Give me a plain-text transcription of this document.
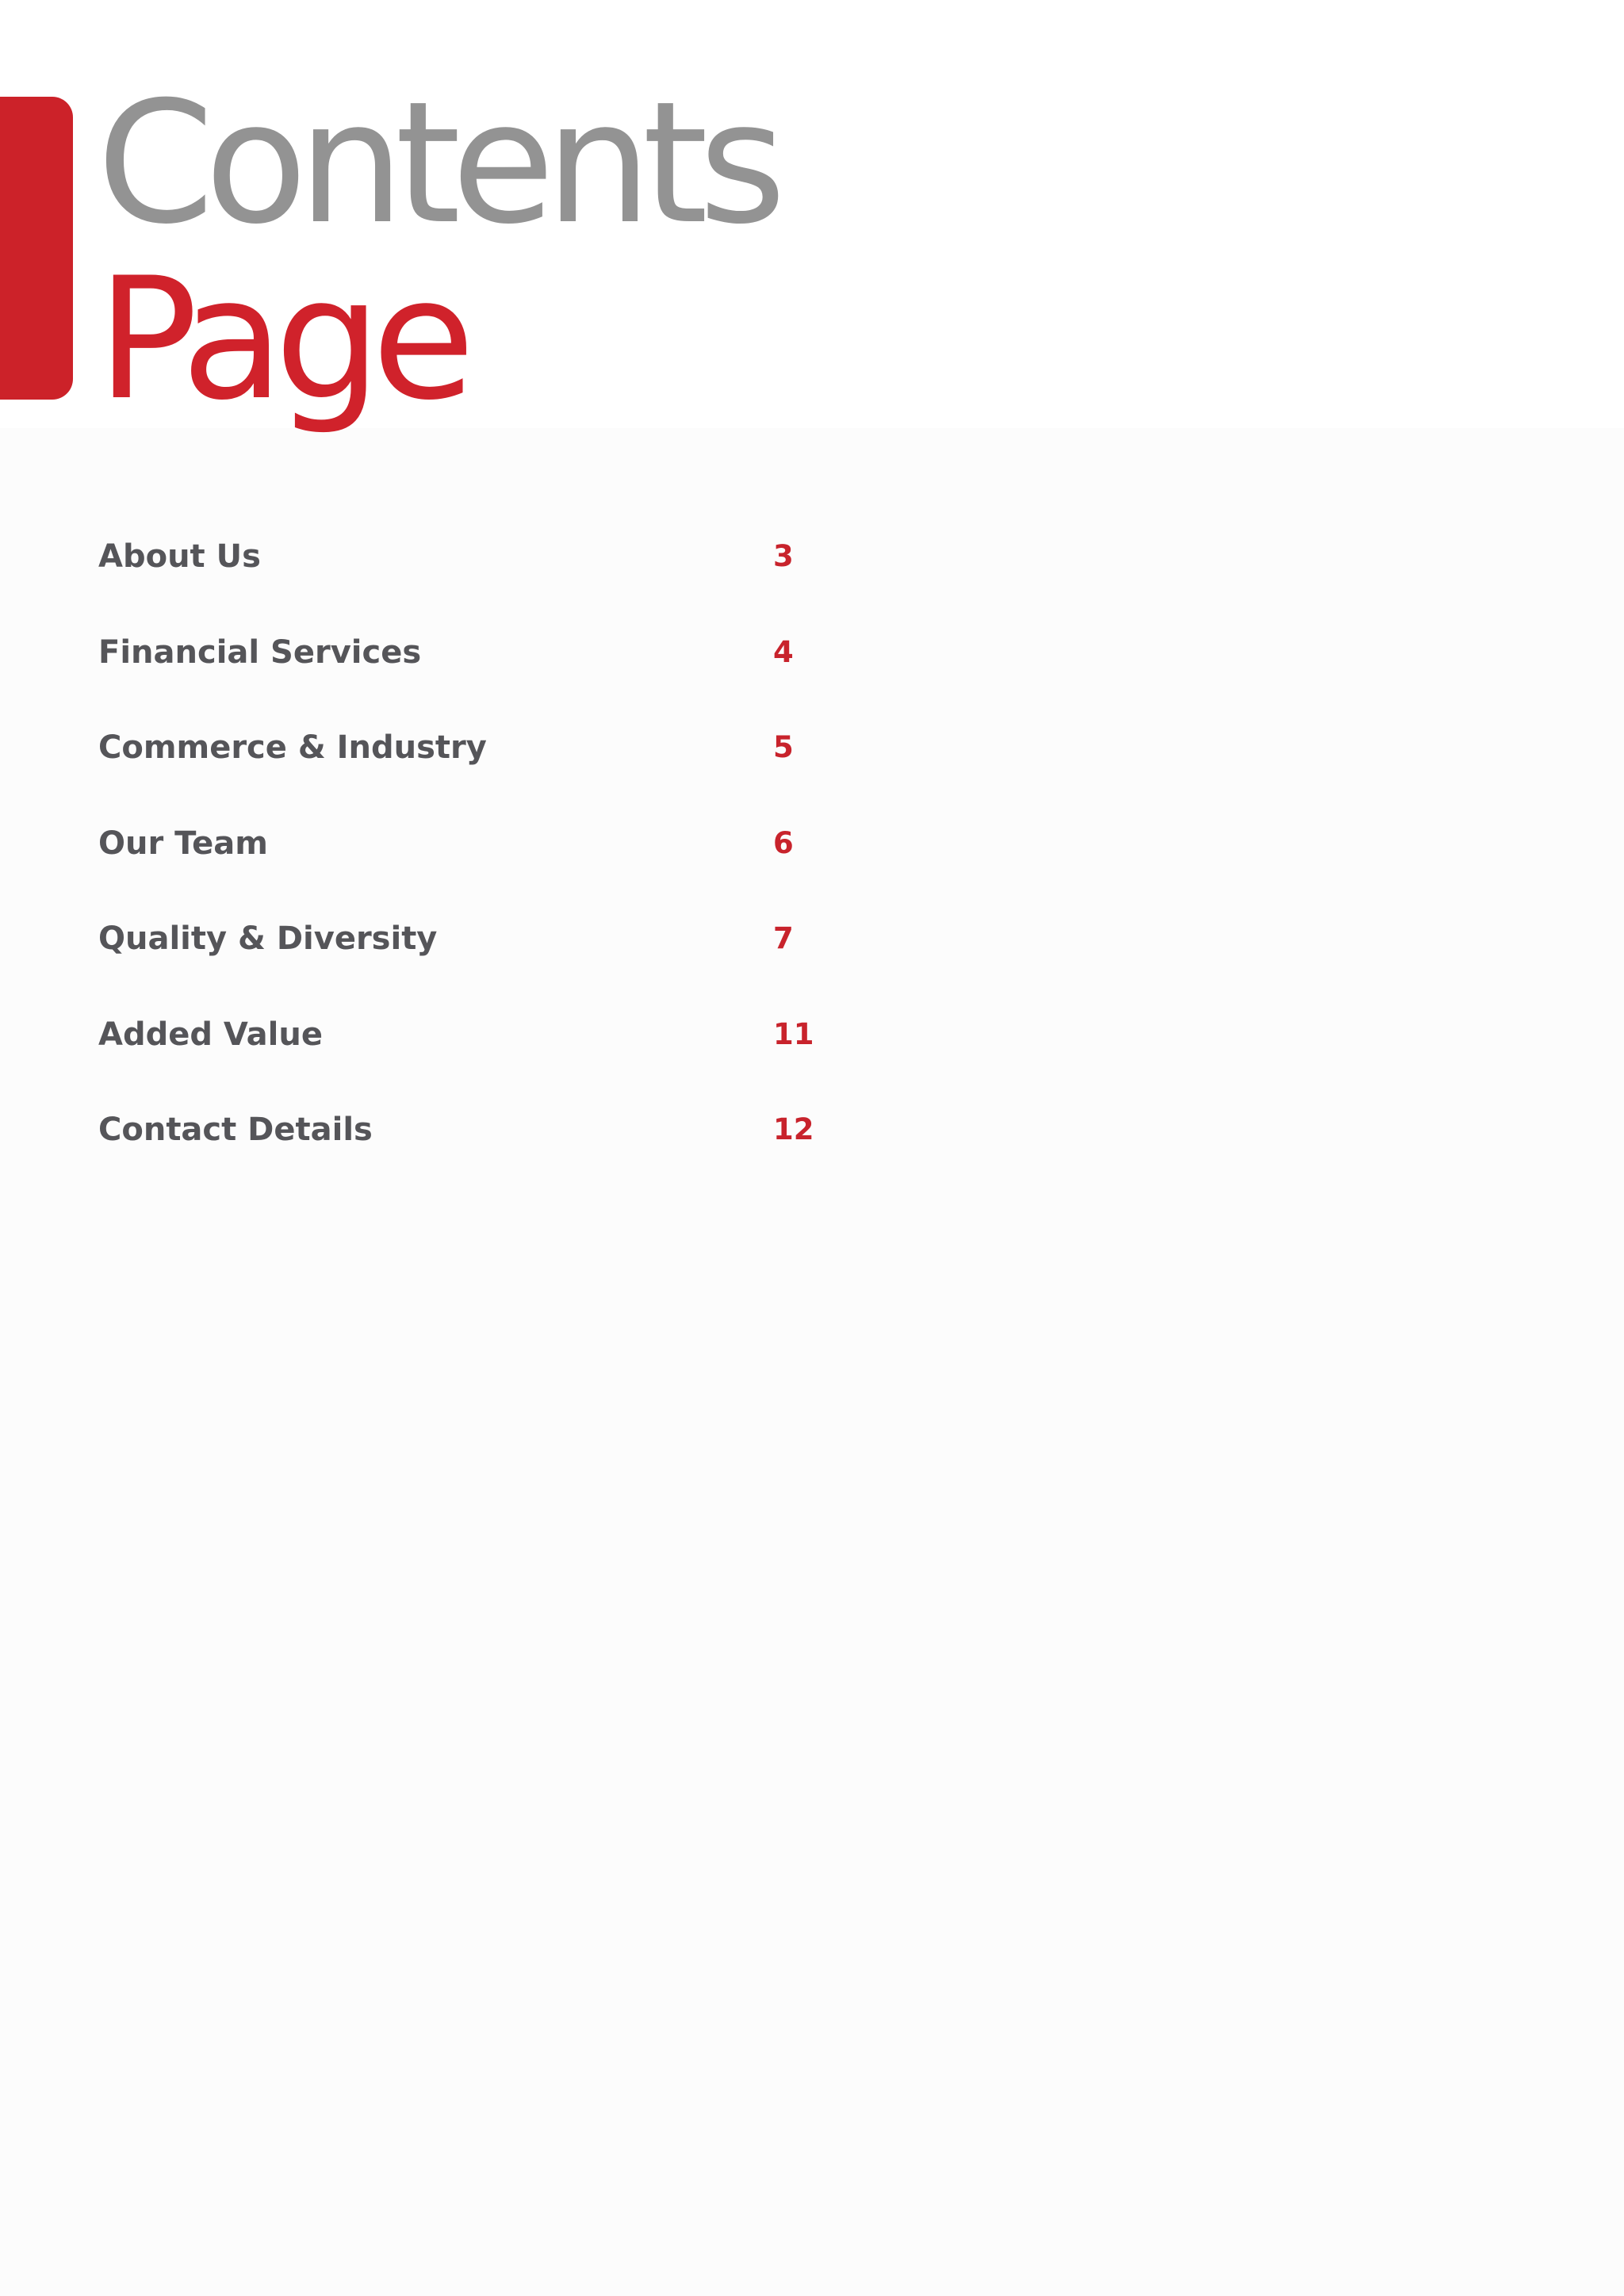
Contents
Page
About Us	3
Financial Services	4
Commerce & Industry	5
Our Team	6
Quality & Diversity	7
Added Value	11
Contact Details	12
